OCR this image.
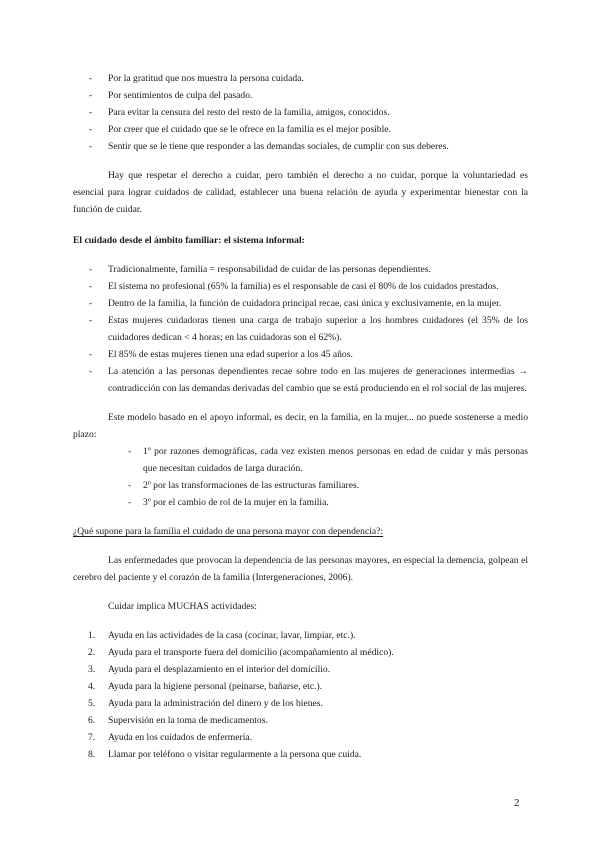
- Por la gratitud que nos muestra la persona cuidada.
- Por sentimientos de culpa del pasado.
- Para evitar la censura del resto del resto de la familia, amigos, conocidos.
- Por creer que el cuidado que se le ofrece en la familia es el mejor posible.
- Sentir que se le tiene que responder a las demandas sociales, de cumplir con sus deberes.

Hay que respetar el derecho a cuidar, pero también el derecho a no cuidar, porque la voluntariedad es esencial para lograr cuidados de calidad, establecer una buena relación de ayuda y experimentar bienestar con la función de cuidar.

El cuidado desde el ámbito familiar: el sistema informal:

- Tradicionalmente, familia = responsabilidad de cuidar de las personas dependientes.
- El sistema no profesional (65% la familia) es el responsable de casi el 80% de los cuidados prestados.
- Dentro de la familia, la función de cuidadora principal recae, casi única y exclusivamente, en la mujer.
- Estas mujeres cuidadoras tienen una carga de trabajo superior a los hombres cuidadores (el 35% de los cuidadores dedican < 4 horas; en las cuidadoras son el 62%).
- El 85% de estas mujeres tienen una edad superior a los 45 años.
- La atención a las personas dependientes recae sobre todo en las mujeres de generaciones intermedias → contradicción con las demandas derivadas del cambio que se está produciendo en el rol social de las mujeres.

Este modelo basado en el apoyo informal, es decir, en la familia, en la mujer... no puede sostenerse a medio plazo:

- 1º por razones demográficas, cada vez existen menos personas en edad de cuidar y más personas que necesitan cuidados de larga duración.
- 2º por las transformaciones de las estructuras familiares.
- 3º por el cambio de rol de la mujer en la familia.

¿Qué supone para la familia el cuidado de una persona mayor con dependencia?:

Las enfermedades que provocan la dependencia de las personas mayores, en especial la demencia, golpean el cerebro del paciente y el corazón de la familia (Intergeneraciones, 2006).

Cuidar implica MUCHAS actividades:

1. Ayuda en las actividades de la casa (cocinar, lavar, limpiar, etc.).
2. Ayuda para el transporte fuera del domicilio (acompañamiento al médico).
3. Ayuda para el desplazamiento en el interior del domicilio.
4. Ayuda para la higiene personal (peinarse, bañarse, etc.).
5. Ayuda para la administración del dinero y de los bienes.
6. Supervisión en la toma de medicamentos.
7. Ayuda en los cuidados de enfermería.
8. Llamar por teléfono o visitar regularmente a la persona que cuida.
2
